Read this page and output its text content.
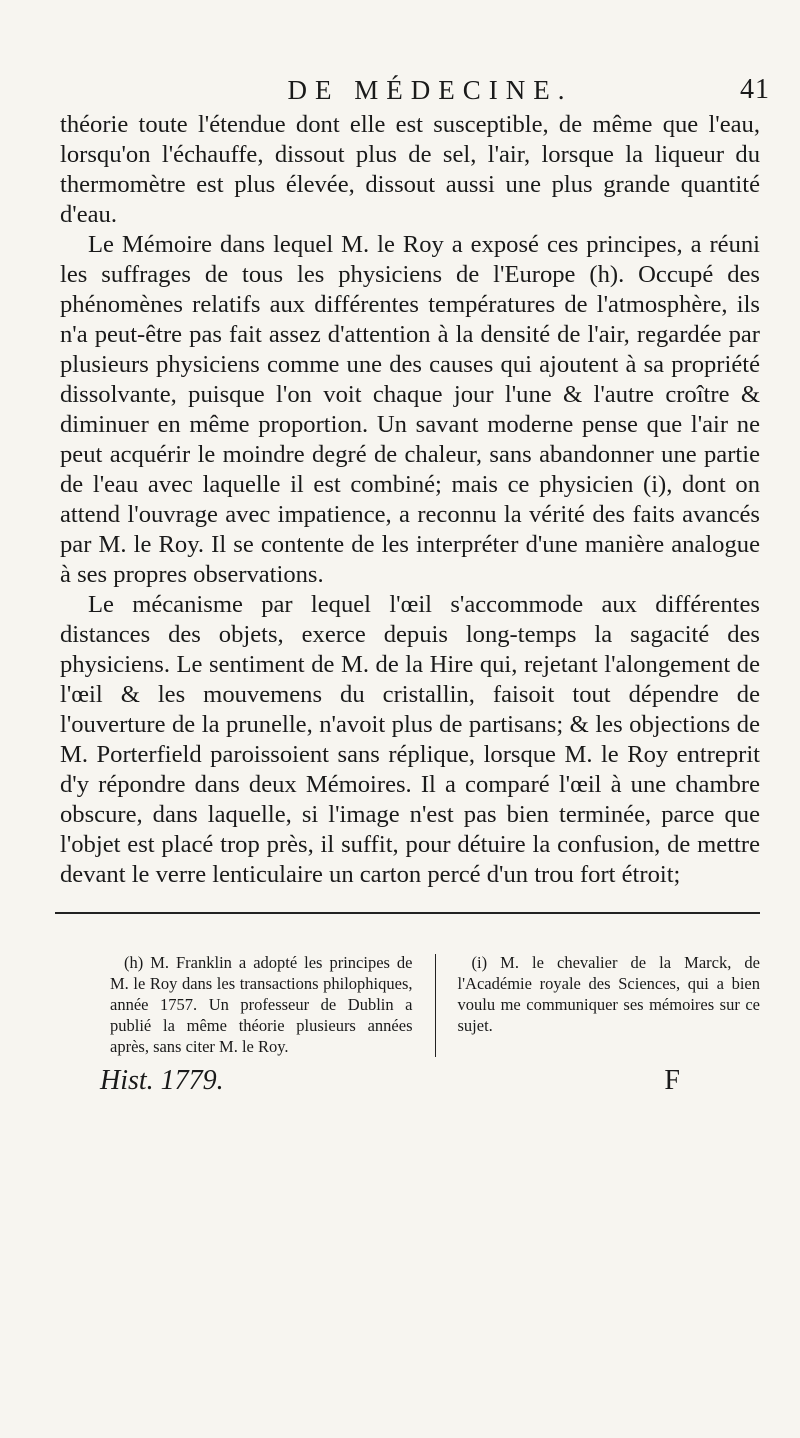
DE MÉDECINE.	41

théorie toute l'étendue dont elle est susceptible, de même que l'eau, lorsqu'on l'échauffe, dissout plus de sel, l'air, lorsque la liqueur du thermomètre est plus élevée, dissout aussi une plus grande quantité d'eau.

Le Mémoire dans lequel M. le Roy a exposé ces principes, a réuni les suffrages de tous les physiciens de l'Europe (h). Occupé des phénomènes relatifs aux différentes températures de l'atmosphère, ils n'a peut-être pas fait assez d'attention à la densité de l'air, regardée par plusieurs physiciens comme une des causes qui ajoutent à sa propriété dissolvante, puisque l'on voit chaque jour l'une & l'autre croître & diminuer en même proportion. Un savant moderne pense que l'air ne peut acquérir le moindre degré de chaleur, sans abandonner une partie de l'eau avec laquelle il est combiné; mais ce physicien (i), dont on attend l'ouvrage avec impatience, a reconnu la vérité des faits avancés par M. le Roy. Il se contente de les interpréter d'une manière analogue à ses propres observations.

Le mécanisme par lequel l'œil s'accommode aux différentes distances des objets, exerce depuis long-temps la sagacité des physiciens. Le sentiment de M. de la Hire qui, rejetant l'alongement de l'œil & les mouvemens du cristallin, faisoit tout dépendre de l'ouverture de la prunelle, n'avoit plus de partisans; & les objections de M. Porterfield paroissoient sans réplique, lorsque M. le Roy entreprit d'y répondre dans deux Mémoires. Il a comparé l'œil à une chambre obscure, dans laquelle, si l'image n'est pas bien terminée, parce que l'objet est placé trop près, il suffit, pour détuire la confusion, de mettre devant le verre lenticulaire un carton percé d'un trou fort étroit;

(h) M. Franklin a adopté les principes de M. le Roy dans les transactions philophiques, année 1757. Un professeur de Dublin a publié la même théorie plusieurs années après, sans citer M. le Roy.

(i) M. le chevalier de la Marck, de l'Académie royale des Sciences, qui a bien voulu me communiquer ses mémoires sur ce sujet.

Hist. 1779.	F
